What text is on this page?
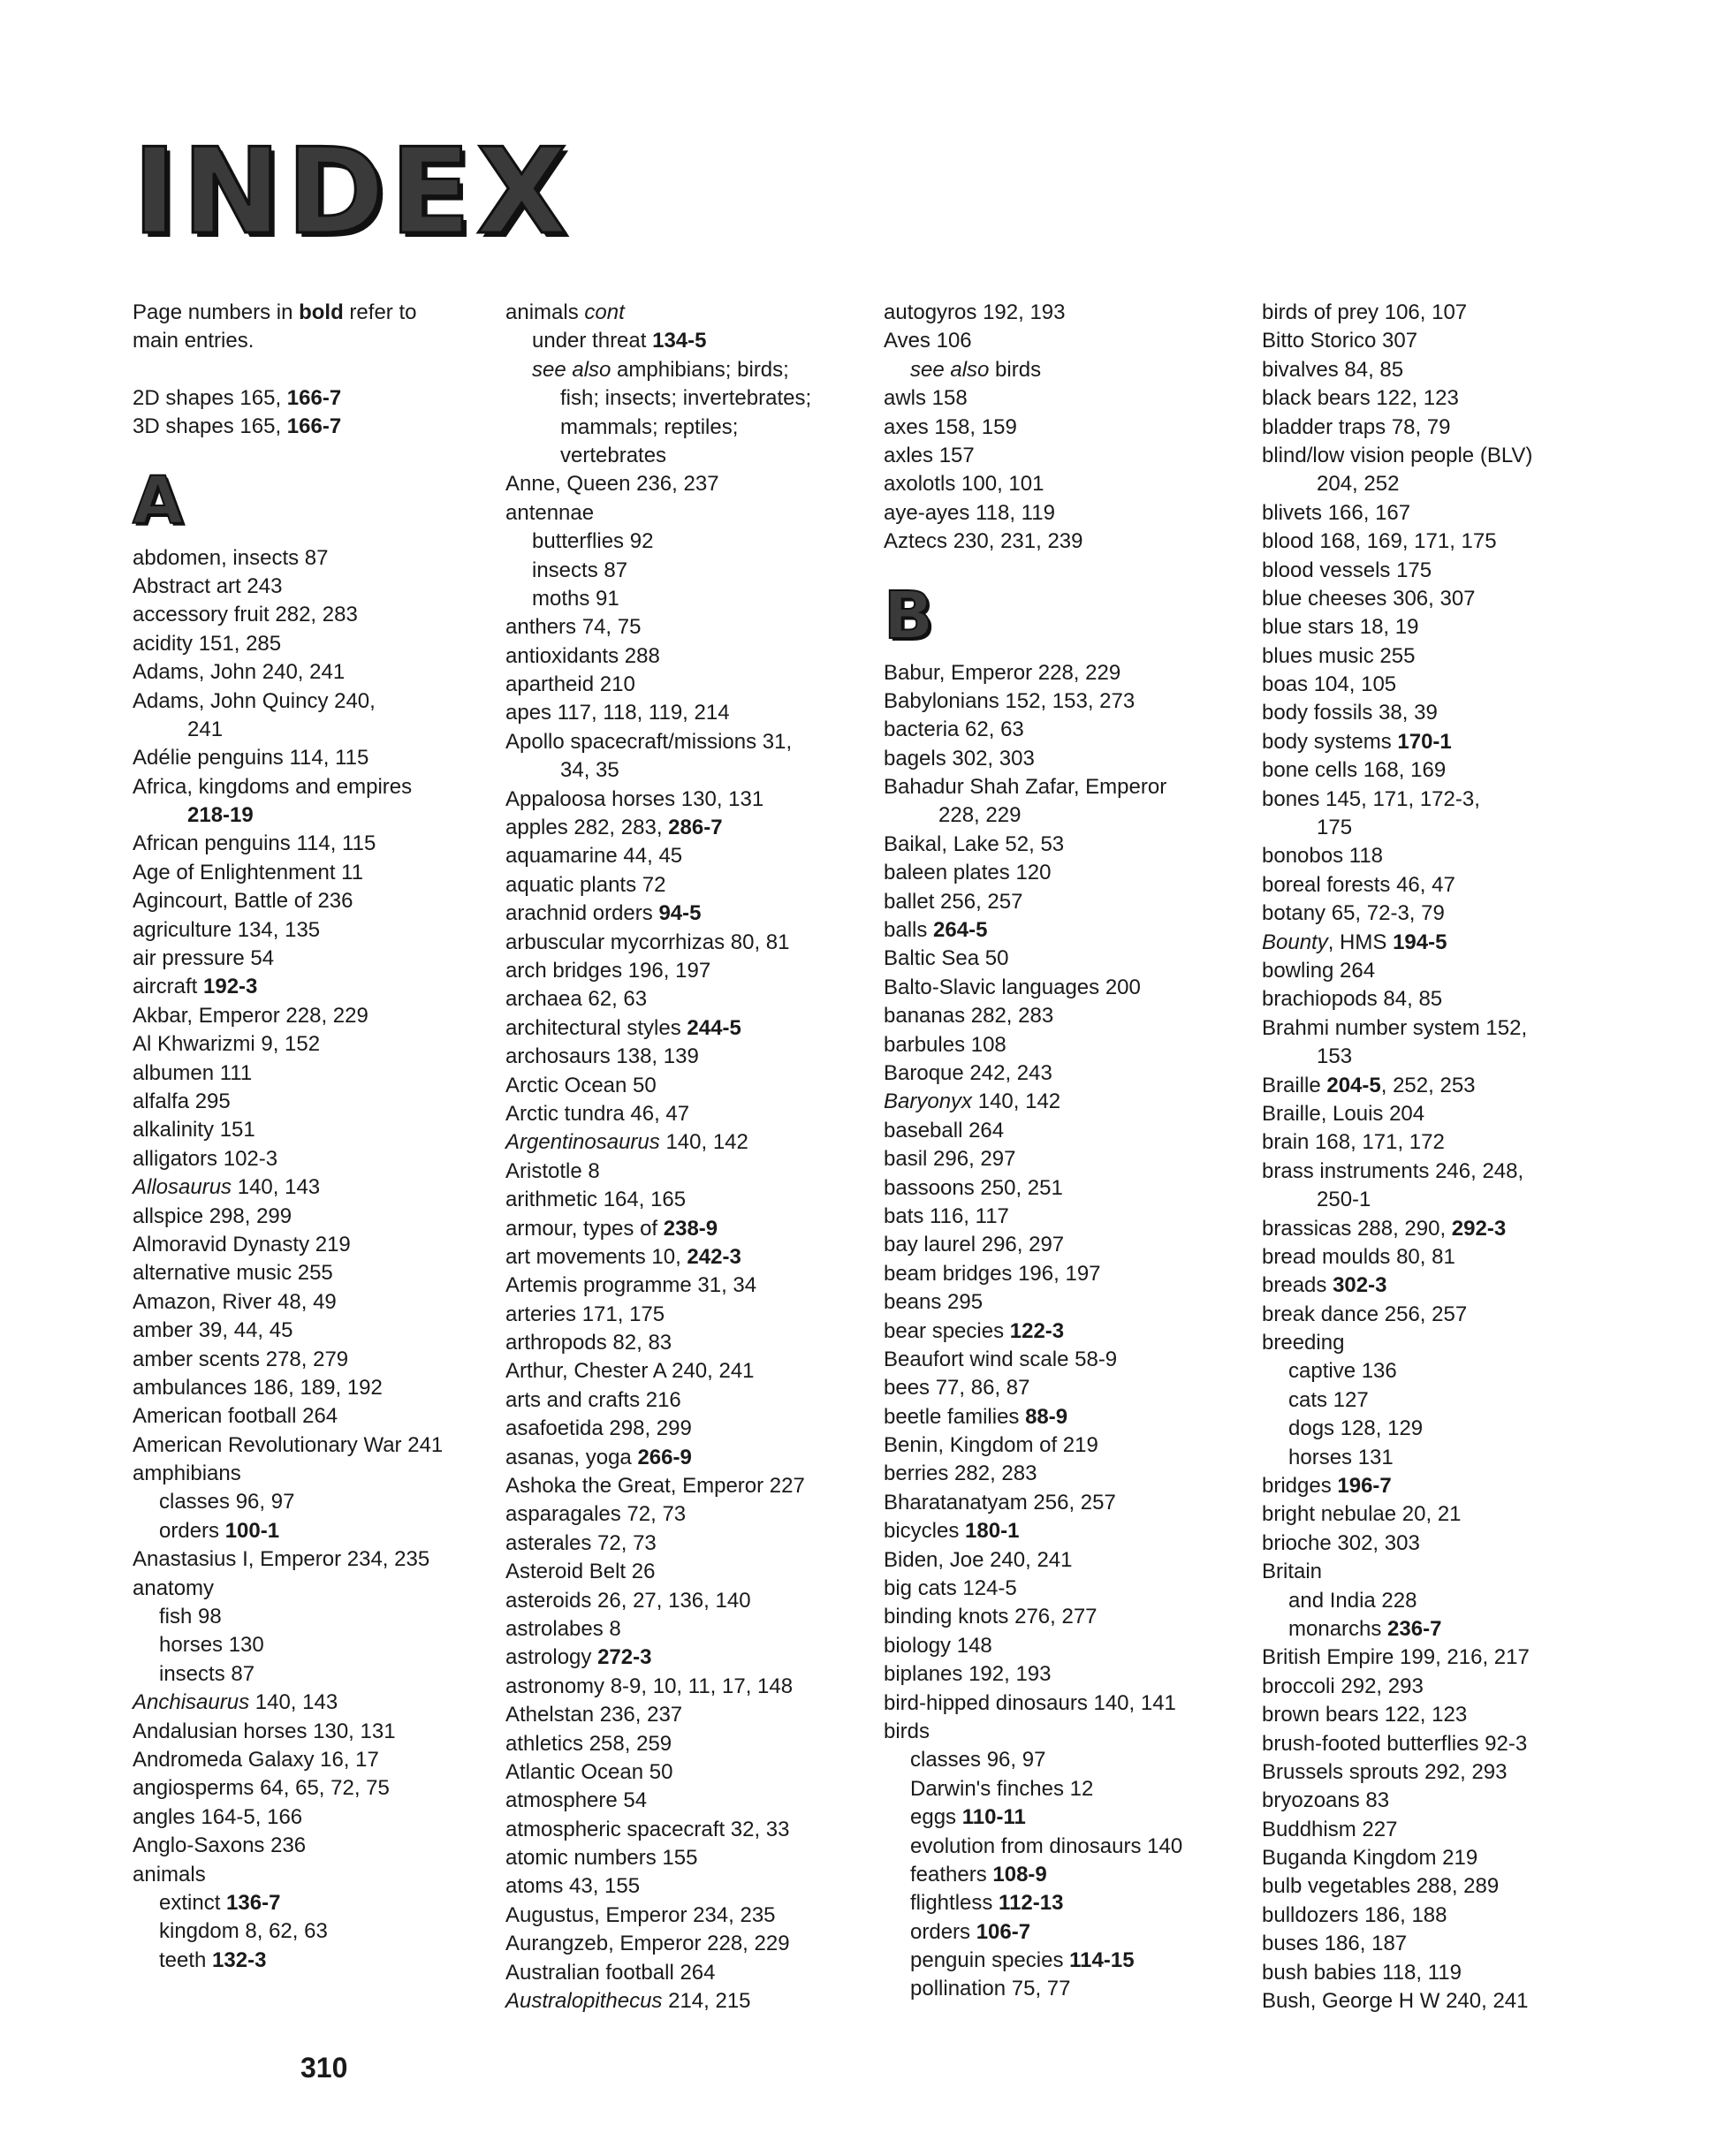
INDEX
Page numbers in bold refer to
main entries.
2D shapes 165, 166-7
3D shapes 165, 166-7
A
abdomen, insects 87
Abstract art 243
accessory fruit 282, 283
acidity 151, 285
Adams, John 240, 241
Adams, John Quincy 240,
241
Adélie penguins 114, 115
Africa, kingdoms and empires
218-19
African penguins 114, 115
Age of Enlightenment 11
Agincourt, Battle of 236
agriculture 134, 135
air pressure 54
aircraft 192-3
Akbar, Emperor 228, 229
Al Khwarizmi 9, 152
albumen 111
alfalfa 295
alkalinity 151
alligators 102-3
Allosaurus 140, 143
allspice 298, 299
Almoravid Dynasty 219
alternative music 255
Amazon, River 48, 49
amber 39, 44, 45
amber scents 278, 279
ambulances 186, 189, 192
American football 264
American Revolutionary War 241
amphibians
classes 96, 97
orders 100-1
Anastasius I, Emperor 234, 235
anatomy
fish 98
horses 130
insects 87
Anchisaurus 140, 143
Andalusian horses 130, 131
Andromeda Galaxy 16, 17
angiosperms 64, 65, 72, 75
angles 164-5, 166
Anglo-Saxons 236
animals
extinct 136-7
kingdom 8, 62, 63
teeth 132-3
animals cont
under threat 134-5
see also amphibians; birds;
fish; insects; invertebrates;
mammals; reptiles;
vertebrates
Anne, Queen 236, 237
antennae
butterflies 92
insects 87
moths 91
anthers 74, 75
antioxidants 288
apartheid 210
apes 117, 118, 119, 214
Apollo spacecraft/missions 31,
34, 35
Appaloosa horses 130, 131
apples 282, 283, 286-7
aquamarine 44, 45
aquatic plants 72
arachnid orders 94-5
arbuscular mycorrhizas 80, 81
arch bridges 196, 197
archaea 62, 63
architectural styles 244-5
archosaurs 138, 139
Arctic Ocean 50
Arctic tundra 46, 47
Argentinosaurus 140, 142
Aristotle 8
arithmetic 164, 165
armour, types of 238-9
art movements 10, 242-3
Artemis programme 31, 34
arteries 171, 175
arthropods 82, 83
Arthur, Chester A 240, 241
arts and crafts 216
asafoetida 298, 299
asanas, yoga 266-9
Ashoka the Great, Emperor 227
asparagales 72, 73
asterales 72, 73
Asteroid Belt 26
asteroids 26, 27, 136, 140
astrolabes 8
astrology 272-3
astronomy 8-9, 10, 11, 17, 148
Athelstan 236, 237
athletics 258, 259
Atlantic Ocean 50
atmosphere 54
atmospheric spacecraft 32, 33
atomic numbers 155
atoms 43, 155
Augustus, Emperor 234, 235
Aurangzeb, Emperor 228, 229
Australian football 264
Australopithecus 214, 215
autogyros 192, 193
Aves 106
see also birds
awls 158
axes 158, 159
axles 157
axolotls 100, 101
aye-ayes 118, 119
Aztecs 230, 231, 239
B
Babur, Emperor 228, 229
Babylonians 152, 153, 273
bacteria 62, 63
bagels 302, 303
Bahadur Shah Zafar, Emperor
228, 229
Baikal, Lake 52, 53
baleen plates 120
ballet 256, 257
balls 264-5
Baltic Sea 50
Balto-Slavic languages 200
bananas 282, 283
barbules 108
Baroque 242, 243
Baryonyx 140, 142
baseball 264
basil 296, 297
bassoons 250, 251
bats 116, 117
bay laurel 296, 297
beam bridges 196, 197
beans 295
bear species 122-3
Beaufort wind scale 58-9
bees 77, 86, 87
beetle families 88-9
Benin, Kingdom of 219
berries 282, 283
Bharatanatyam 256, 257
bicycles 180-1
Biden, Joe 240, 241
big cats 124-5
binding knots 276, 277
biology 148
biplanes 192, 193
bird-hipped dinosaurs 140, 141
birds
classes 96, 97
Darwin's finches 12
eggs 110-11
evolution from dinosaurs 140
feathers 108-9
flightless 112-13
orders 106-7
penguin species 114-15
pollination 75, 77
birds of prey 106, 107
Bitto Storico 307
bivalves 84, 85
black bears 122, 123
bladder traps 78, 79
blind/low vision people (BLV)
204, 252
blivets 166, 167
blood 168, 169, 171, 175
blood vessels 175
blue cheeses 306, 307
blue stars 18, 19
blues music 255
boas 104, 105
body fossils 38, 39
body systems 170-1
bone cells 168, 169
bones 145, 171, 172-3,
175
bonobos 118
boreal forests 46, 47
botany 65, 72-3, 79
Bounty, HMS 194-5
bowling 264
brachiopods 84, 85
Brahmi number system 152,
153
Braille 204-5, 252, 253
Braille, Louis 204
brain 168, 171, 172
brass instruments 246, 248,
250-1
brassicas 288, 290, 292-3
bread moulds 80, 81
breads 302-3
break dance 256, 257
breeding
captive 136
cats 127
dogs 128, 129
horses 131
bridges 196-7
bright nebulae 20, 21
brioche 302, 303
Britain
and India 228
monarchs 236-7
British Empire 199, 216, 217
broccoli 292, 293
brown bears 122, 123
brush-footed butterflies 92-3
Brussels sprouts 292, 293
bryozoans 83
Buddhism 227
Buganda Kingdom 219
bulb vegetables 288, 289
bulldozers 186, 188
buses 186, 187
bush babies 118, 119
Bush, George H W 240, 241
310
